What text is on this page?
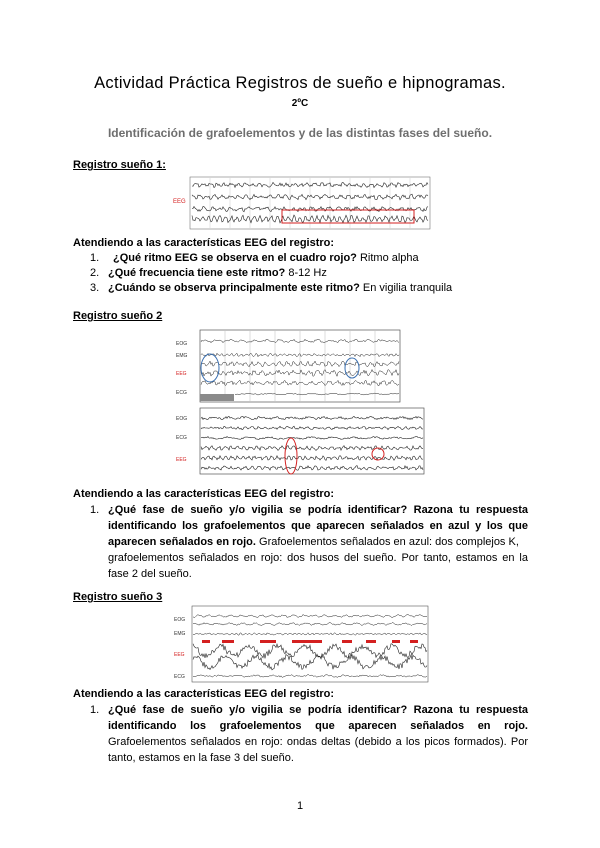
Actividad Práctica Registros de sueño e hipnogramas.
2ºC
Identificación de grafoelementos y de las distintas fases del sueño.
Registro sueño 1:
EEG
Atendiendo a las características EEG del registro:
1. ¿Qué ritmo EEG se observa en el cuadro rojo? Ritmo alpha
2. ¿Qué frecuencia tiene este ritmo? 8-12 Hz
3. ¿Cuándo se observa principalmente este ritmo? En vigilia tranquila
Registro sueño 2
EOG
EMG
EEG
ECG
EOG
ECG
EEG
Atendiendo a las características EEG del registro:
1. ¿Qué fase de sueño y/o vigilia se podría identificar? Razona tu respuesta
identificando los grafoelementos que aparecen señalados en azul y los que
aparecen señalados en rojo. Grafoelementos señalados en azul: dos complejos K,
grafoelementos señalados en rojo: dos husos del sueño. Por tanto, estamos en la
fase 2 del sueño.
Registro sueño 3
EOG
EMG
EEG
ECG
Atendiendo a las características EEG del registro:
1. ¿Qué fase de sueño y/o vigilia se podría identificar? Razona tu respuesta
identificando los grafoelementos que aparecen señalados en rojo.
Grafoelementos señalados en rojo: ondas deltas (debido a los picos formados). Por
tanto, estamos en la fase 3 del sueño.
1
